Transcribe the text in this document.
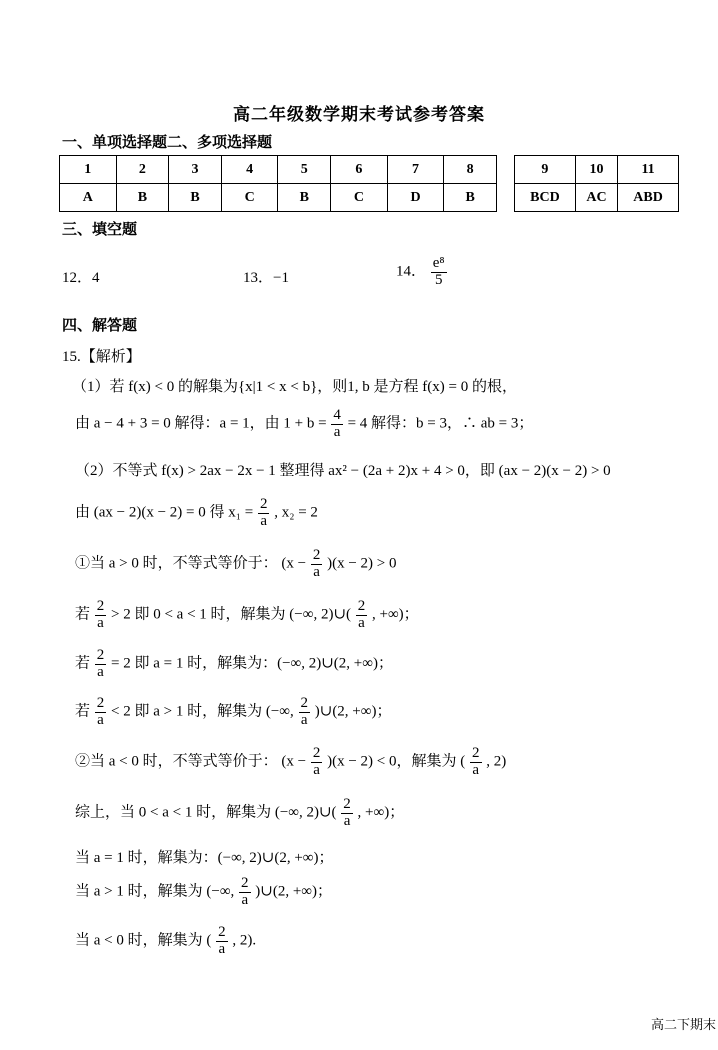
高二年级数学期末考试参考答案
一、单项选择题二、多项选择题
1	2	3	4	5	6	7	8
A	B	B	C	B	C	D	B
9	10	11
BCD	AC	ABD
三、填空题
12．4	13．−1	14． $\frac{\text{e⁸}}{5}$
四、解答题
15.【解析】
（1）若 f(x) < 0 的解集为{x|1 < x < b}，则1, b 是方程 f(x) = 0 的根，
由 a − 4 + 3 = 0 解得：a = 1，由 $1 + b = \frac{4}{a} = 4$ 解得：b = 3，∴ ab = 3；
（2）不等式 f(x) > 2ax − 2x − 1 整理得 ax² − (2a + 2)x + 4 > 0，即 (ax − 2)(x − 2) > 0
由 (ax − 2)(x − 2) = 0 得 $x_1 = \frac{2}{a}$ , x₂ = 2
①当 a > 0 时，不等式等价于： $(x - \frac{2}{a} )(x - 2) > 0$
若 $\frac{2}{a} > 2$ 即 0 < a < 1 时，解集为 (−∞, 2)∪( $\frac{2}{a}$ , +∞)；
若 $\frac{2}{a} = 2$ 即 a = 1 时，解集为：(−∞, 2)∪(2, +∞)；
若 $\frac{2}{a} < 2$ 即 a > 1 时，解集为 (−∞, $\frac{2}{a}$ )∪(2, +∞)；
②当 a < 0 时，不等式等价于： $(x - \frac{2}{a} )(x - 2) < 0$，解集为 ( $\frac{2}{a}$ , 2)
综上，当 0 < a < 1 时，解集为 (−∞, 2)∪( $\frac{2}{a}$ , +∞)；
当 a = 1 时，解集为：(−∞, 2)∪(2, +∞)；
当 a > 1 时，解集为 (−∞, $\frac{2}{a}$ )∪(2, +∞)；
当 a < 0 时，解集为 ( $\frac{2}{a}$ , 2).
高二下期末
